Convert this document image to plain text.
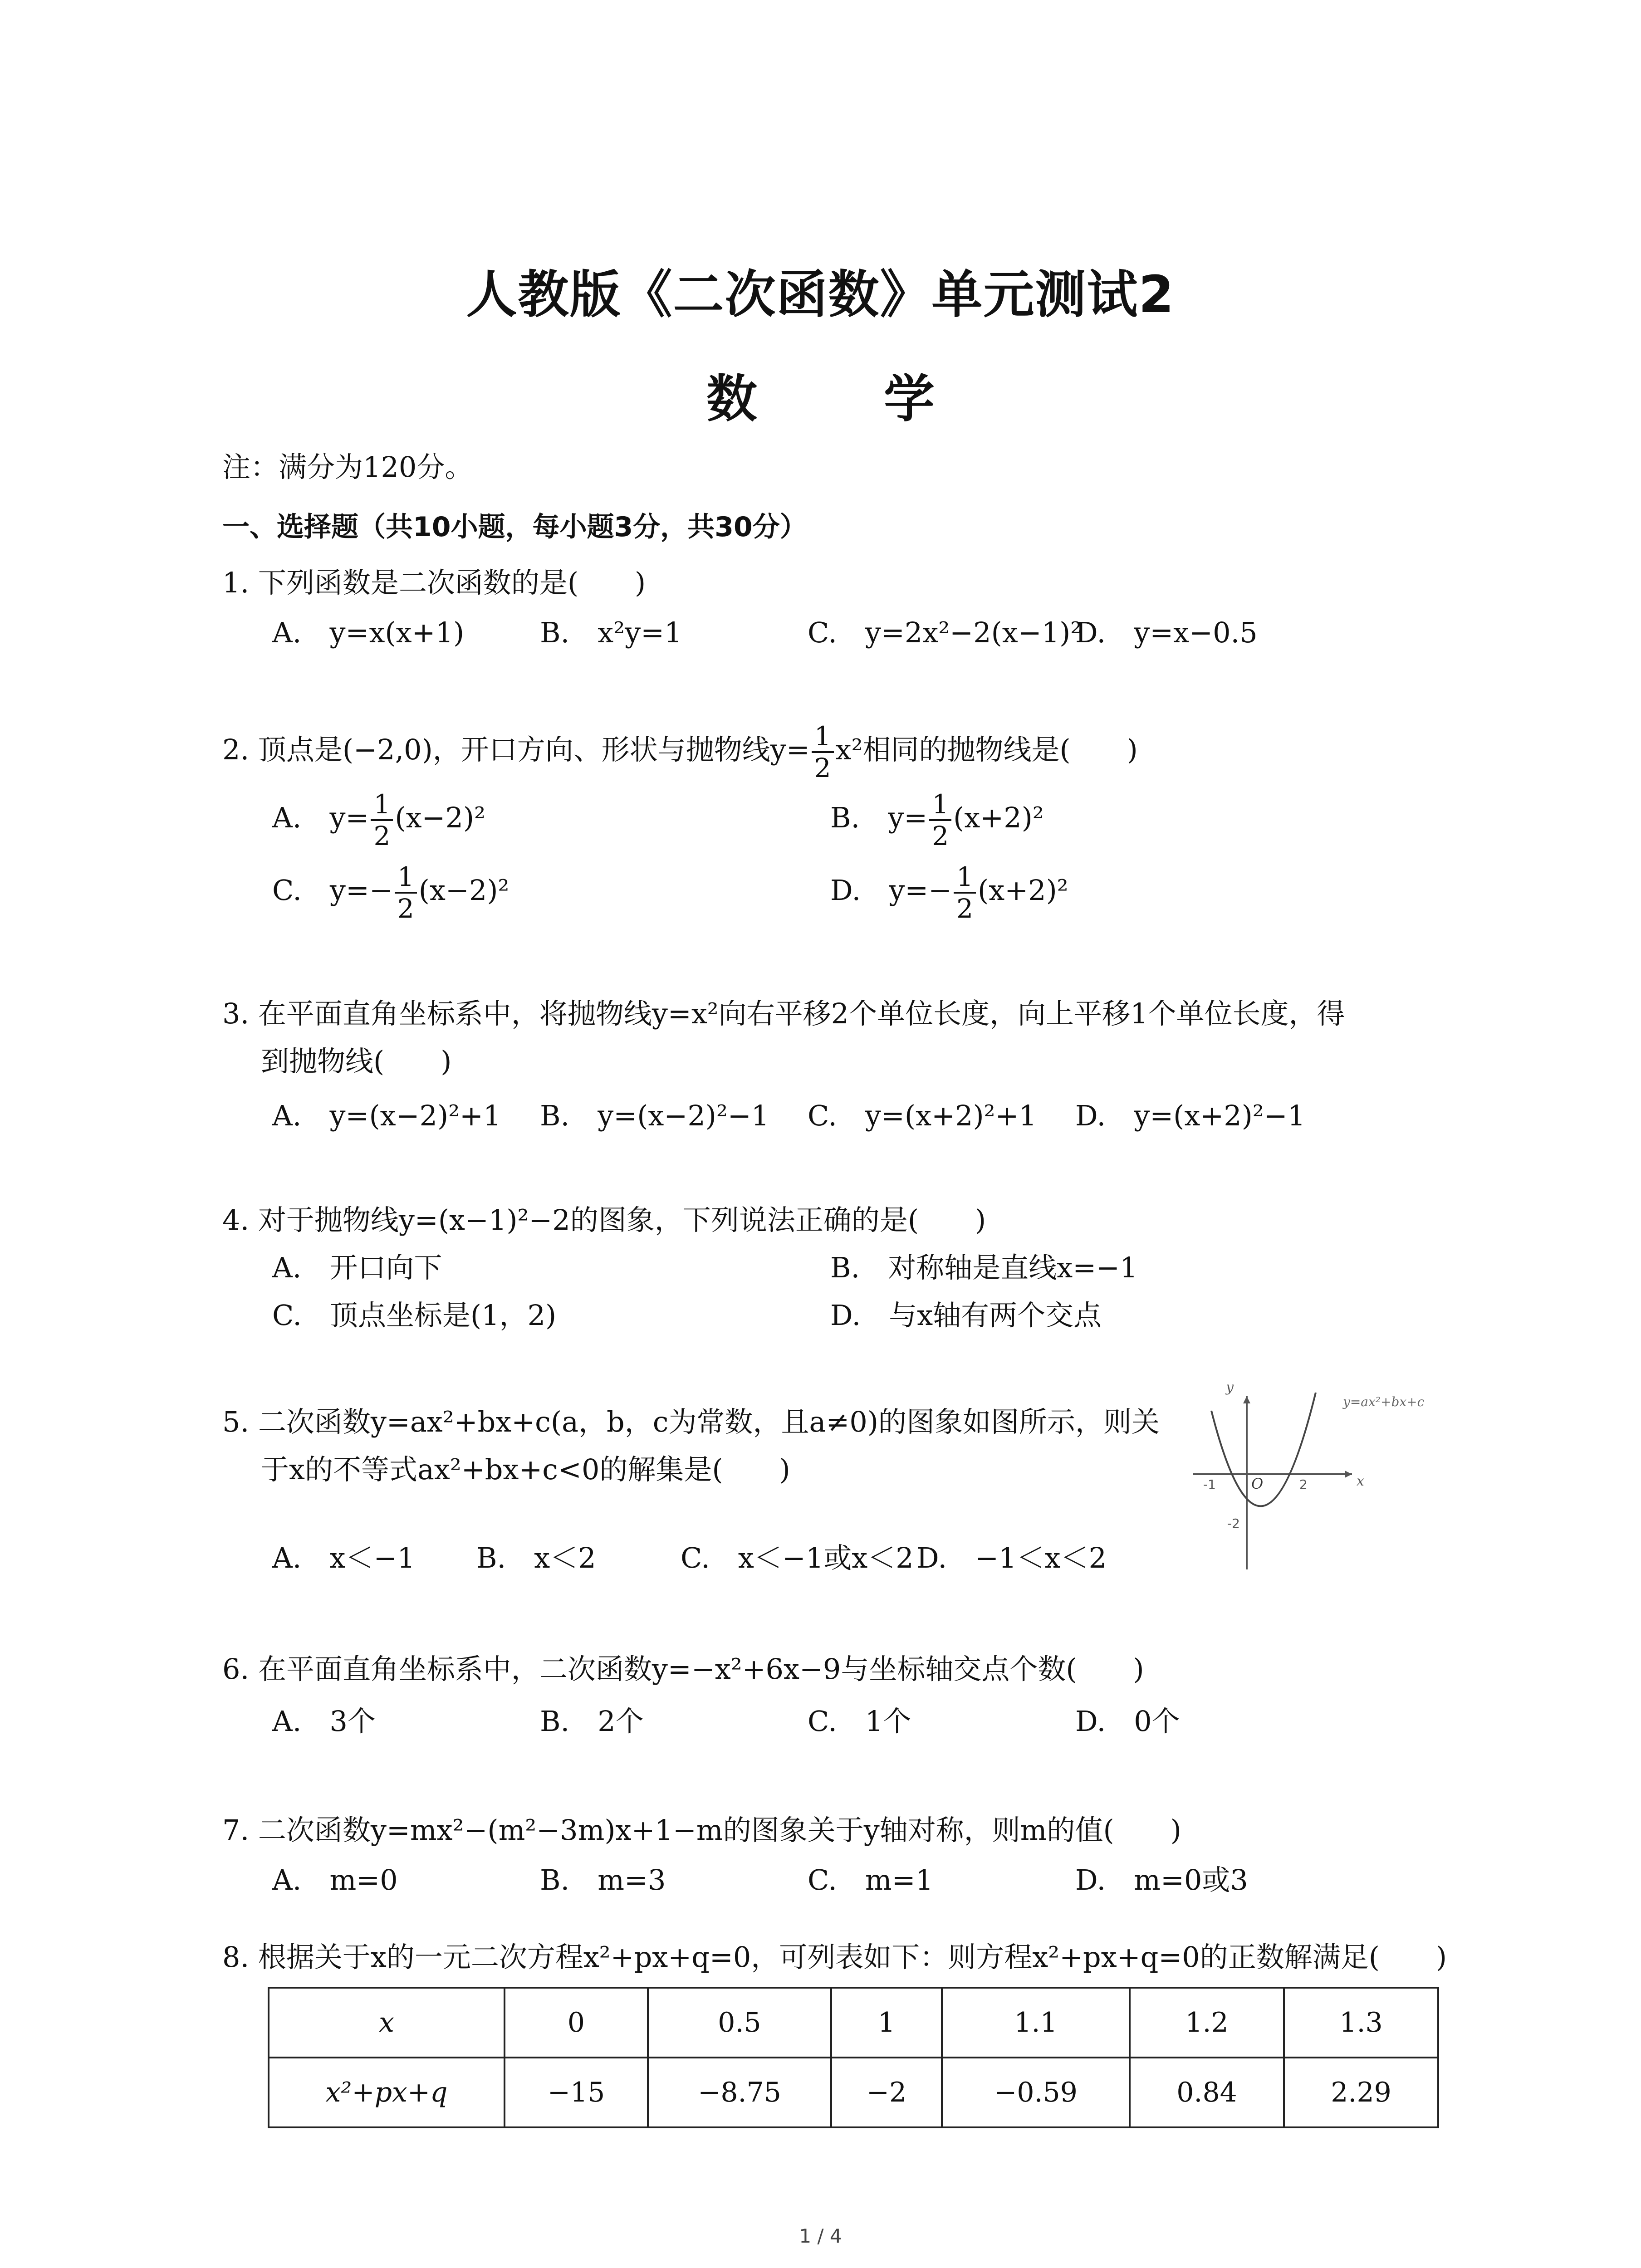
人教版《二次函数》单元测试2
数 学
注：满分为120分。
一、选择题（共10小题，每小题3分，共30分）
1. 下列函数是二次函数的是(　　)
A.　y=x(x+1)	B.　x²y=1	C.　y=2x²−2(x−1)²
D.　y=x−0.5
2. 顶点是(−2,0)，开口方向、形状与抛物线$y= \frac{1}{2} x^2$相同的抛物线是(　　)
A.　$y= \frac{1}{2} (x-2)^2$	B.　$y= \frac{1}{2} (x+2)^2$
C.　$y=- \frac{1}{2} (x-2)^2$	D.　$y=- \frac{1}{2} (x+2)^2$
3. 在平面直角坐标系中，将抛物线y=x²向右平移2个单位长度，向上平移1个单位长度，得
到抛物线(　　)
A.　y=(x−2)²+1 B.　y=(x−2)²−1 C.　y=(x+2)²+1 D.　y=(x+2)²−1
4. 对于抛物线y=(x−1)²−2的图象，下列说法正确的是(　　)
A.　开口向下	B.　对称轴是直线x=−1
C.　顶点坐标是(1，2)	D.　与x轴有两个交点
5. 二次函数y=ax²+bx+c(a，b，c为常数，且a≠0)的图象如图所示，则关
于x的不等式ax²+bx+c<0的解集是(　　)
A.　x＜−1 B.　x＜2	C.　x＜−1或x＜2 D.　−1＜x＜2
y
x
O
-1	2
-2
y=ax²+bx+c
6. 在平面直角坐标系中，二次函数y=−x²+6x−9与坐标轴交点个数(　　)
A.　3个	B.　2个	C.　1个	D.　0个
7. 二次函数y=mx²−(m²−3m)x+1−m的图象关于y轴对称，则m的值(　　)
A.　m=0	B.　m=3	C.　m=1	D.　m=0或3
8. 根据关于x的一元二次方程x²+px+q=0，可列表如下：则方程x²+px+q=0的正数解满足(　　)
x	0	0.5	1	1.1	1.2	1.3
x²+px+q	−15	−8.75	−2	−0.59	0.84	2.29
1 / 4
